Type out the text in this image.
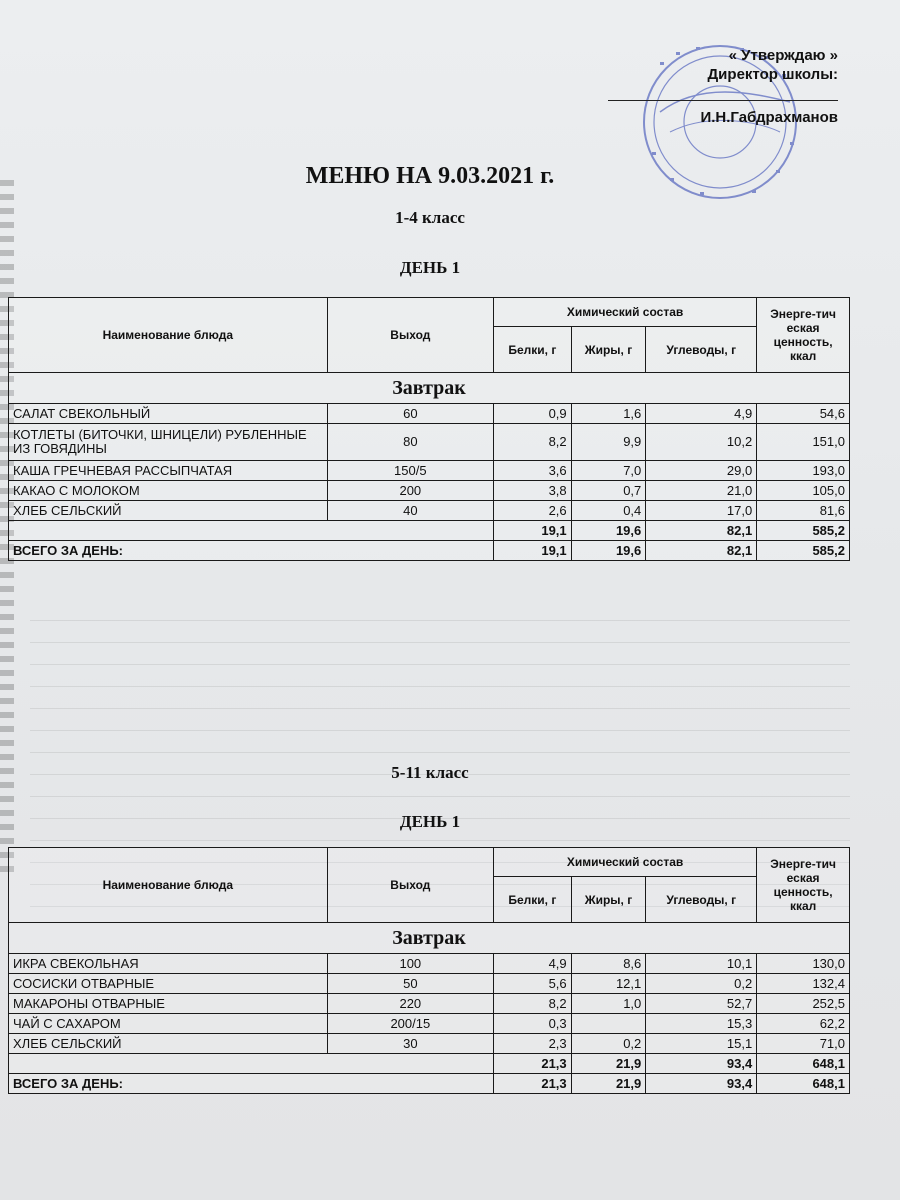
« Утверждаю »
Директор школы:
И.Н.Габдрахманов
МЕНЮ НА 9.03.2021 г.
1-4 класс
ДЕНЬ 1
Наименование блюда	Выход	Химический состав			Энерге-тич еская ценность, ккал
		Белки, г	Жиры, г	Углеводы, г	
Завтрак					
САЛАТ СВЕКОЛЬНЫЙ	60	0,9	1,6	4,9	54,6
КОТЛЕТЫ (БИТОЧКИ, ШНИЦЕЛИ) РУБЛЕННЫЕ ИЗ ГОВЯДИНЫ	80	8,2	9,9	10,2	151,0
КАША ГРЕЧНЕВАЯ РАССЫПЧАТАЯ	150/5	3,6	7,0	29,0	193,0
КАКАО С МОЛОКОМ	200	3,8	0,7	21,0	105,0
ХЛЕБ СЕЛЬСКИЙ	40	2,6	0,4	17,0	81,6
		19,1	19,6	82,1	585,2
ВСЕГО ЗА ДЕНЬ:		19,1	19,6	82,1	585,2
5-11 класс
ДЕНЬ 1
Наименование блюда	Выход	Химический состав			Энерге-тич еская ценность, ккал
		Белки, г	Жиры, г	Углеводы, г	
Завтрак					
ИКРА СВЕКОЛЬНАЯ	100	4,9	8,6	10,1	130,0
СОСИСКИ ОТВАРНЫЕ	50	5,6	12,1	0,2	132,4
МАКАРОНЫ ОТВАРНЫЕ	220	8,2	1,0	52,7	252,5
ЧАЙ С САХАРОМ	200/15	0,3		15,3	62,2
ХЛЕБ СЕЛЬСКИЙ	30	2,3	0,2	15,1	71,0
		21,3	21,9	93,4	648,1
ВСЕГО ЗА ДЕНЬ:		21,3	21,9	93,4	648,1
